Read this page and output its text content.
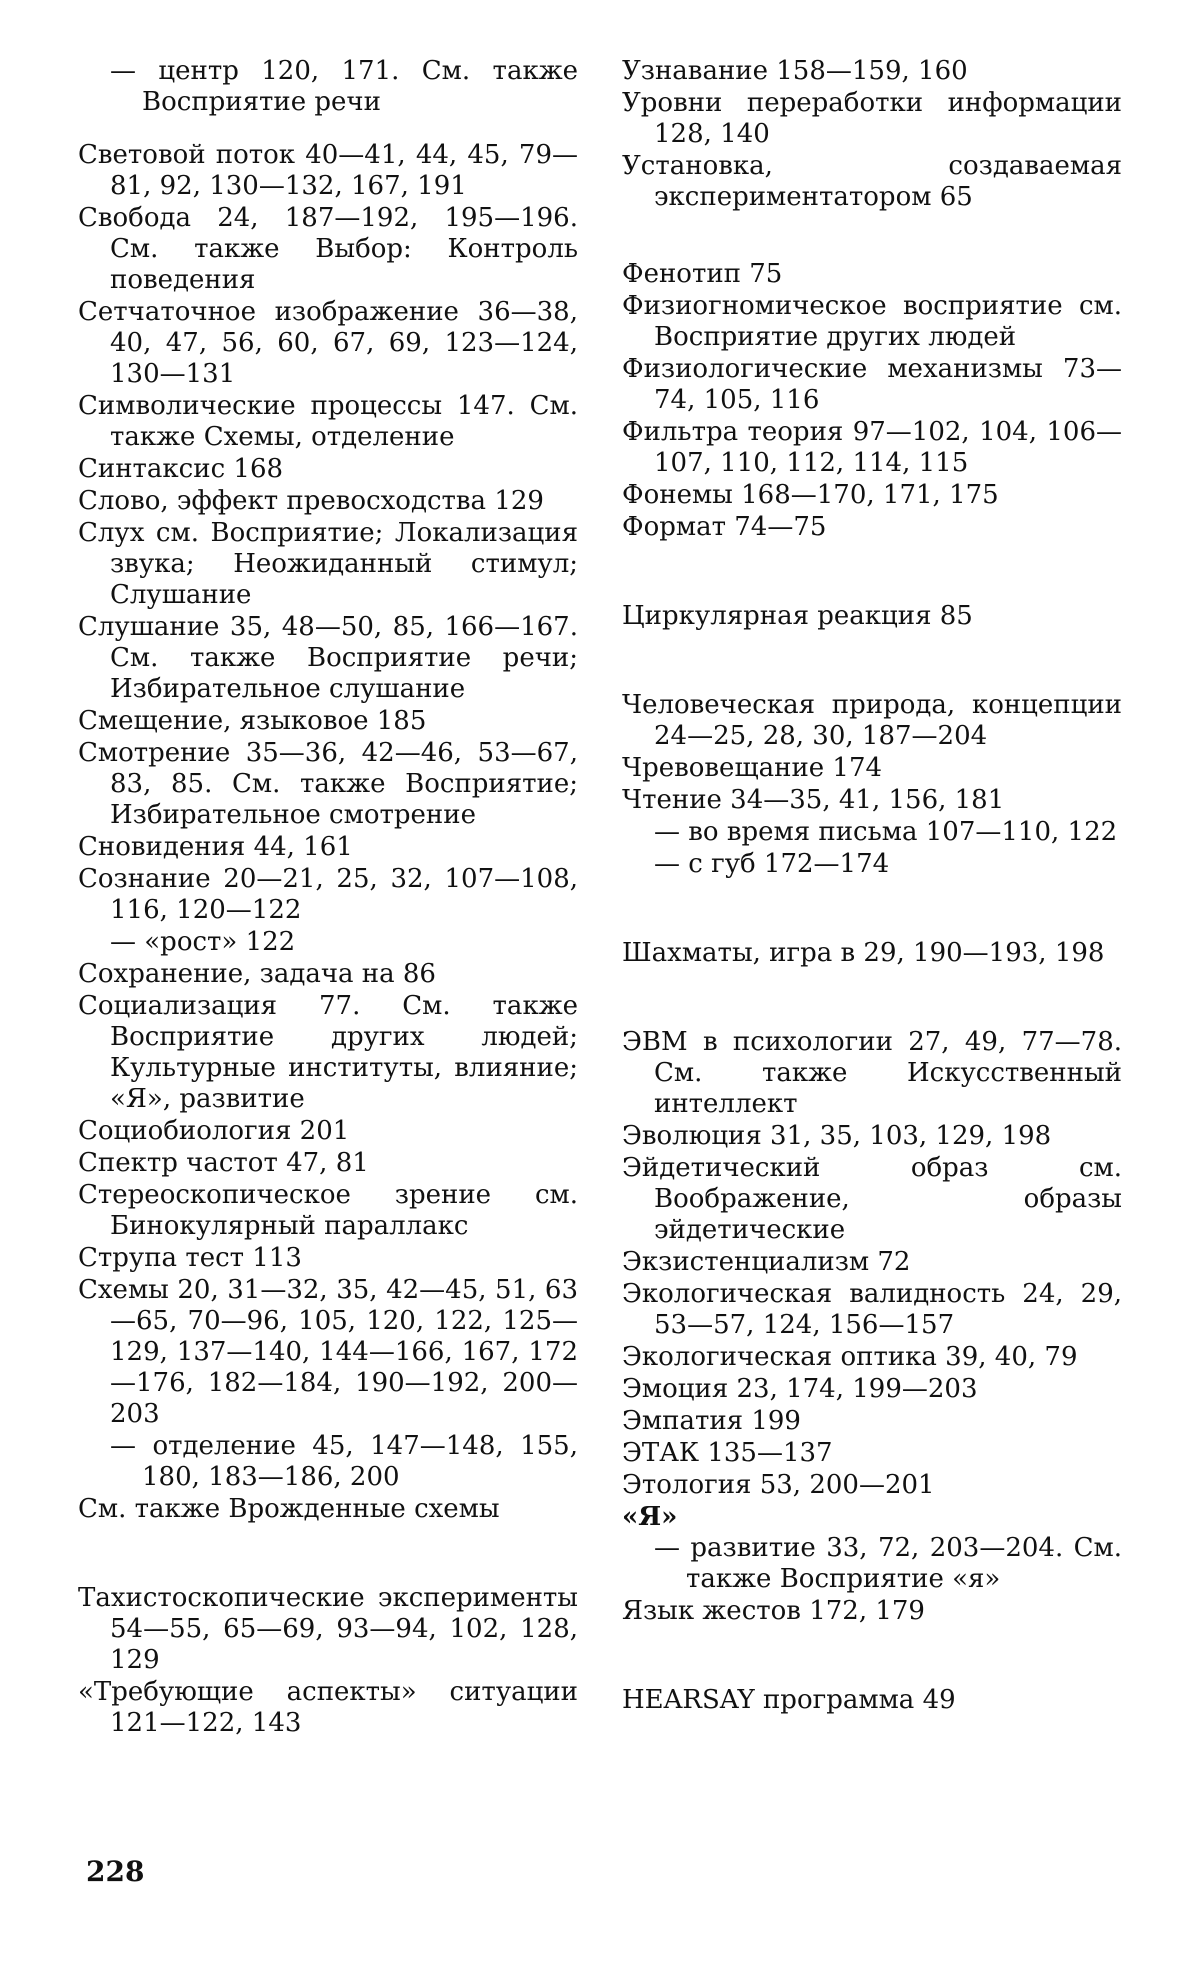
— центр 120, 171. См. также Восприятие речи

Световой поток 40—41, 44, 45, 79—81, 92, 130—132, 167, 191

Свобода 24, 187—192, 195—196. См. также Выбор: Контроль поведения

Сетчаточное изображение 36—38, 40, 47, 56, 60, 67, 69, 123—124, 130—131

Символические процессы 147. См. также Схемы, отделение

Синтаксис 168

Слово, эффект превосходства 129

Слух см. Восприятие; Локализация звука; Неожиданный стимул; Слушание

Слушание 35, 48—50, 85, 166—167. См. также Восприятие речи; Избирательное слушание

Смещение, языковое 185

Смотрение 35—36, 42—46, 53—67, 83, 85. См. также Восприятие; Избирательное смотрение

Сновидения 44, 161

Сознание 20—21, 25, 32, 107—108, 116, 120—122

— «рост» 122

Сохранение, задача на 86

Социализация 77. См. также Восприятие других людей; Культурные институты, влияние; «Я», развитие

Социобиология 201

Спектр частот 47, 81

Стереоскопическое зрение см. Бинокулярный параллакс

Струпа тест 113

Схемы 20, 31—32, 35, 42—45, 51, 63—65, 70—96, 105, 120, 122, 125—129, 137—140, 144—166, 167, 172—176, 182—184, 190—192, 200—203

— отделение 45, 147—148, 155, 180, 183—186, 200

См. также Врожденные схемы

Тахистоскопические эксперименты 54—55, 65—69, 93—94, 102, 128, 129

«Требующие аспекты» ситуации 121—122, 143

Узнавание 158—159, 160

Уровни переработки информации 128, 140

Установка, создаваемая экспериментатором 65

Фенотип 75

Физиогномическое восприятие см. Восприятие других людей

Физиологические механизмы 73—74, 105, 116

Фильтра теория 97—102, 104, 106—107, 110, 112, 114, 115

Фонемы 168—170, 171, 175

Формат 74—75

Циркулярная реакция 85

Человеческая природа, концепции 24—25, 28, 30, 187—204

Чревовещание 174

Чтение 34—35, 41, 156, 181

— во время письма 107—110, 122

— с губ 172—174

Шахматы, игра в 29, 190—193, 198

ЭВМ в психологии 27, 49, 77—78. См. также Искусственный интеллект

Эволюция 31, 35, 103, 129, 198

Эйдетический образ см. Воображение, образы эйдетические

Экзистенциализм 72

Экологическая валидность 24, 29, 53—57, 124, 156—157

Экологическая оптика 39, 40, 79

Эмоция 23, 174, 199—203

Эмпатия 199

ЭТАК 135—137

Этология 53, 200—201

«Я»

— развитие 33, 72, 203—204. См. также Восприятие «я»

Язык жестов 172, 179

HEARSAY программа 49

228
